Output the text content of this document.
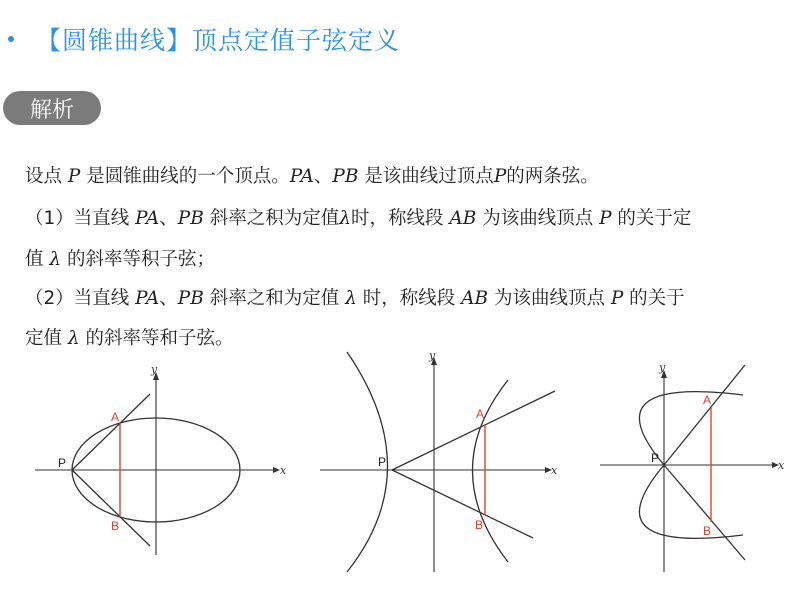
【圆锥曲线】顶点定值子弦定义
解析
设点 P 是圆锥曲线的一个顶点。PA、PB 是该曲线过顶点P的两条弦。
（1）当直线 PA、PB 斜率之积为定值λ时，称线段 AB 为该曲线顶点 P 的关于定
值 λ 的斜率等积子弦；
（2）当直线 PA、PB 斜率之和为定值 λ 时，称线段 AB 为该曲线顶点 P 的关于
定值 λ 的斜率等和子弦。
x
y
P
A
B
x
y
P
A
B
x
y
P
A
B
